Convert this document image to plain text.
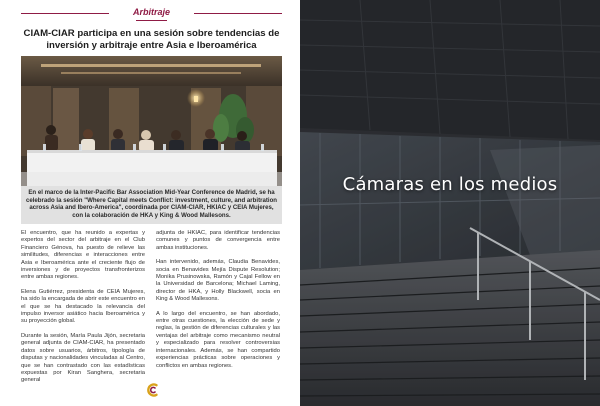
Arbitraje
CIAM-CIAR participa en una sesión sobre tendencias de inversión y arbitraje entre Asia e Iberoamérica
En el marco de la Inter-Pacific Bar Association Mid-Year Conference de Madrid, se ha celebrado la sesión "Where Capital meets Conflict: investment, culture, and arbitration across Asia and Ibero-America", coordinada por CIAM-CIAR, HKIAC y CEIA Mujeres, con la colaboración de HKA y King & Wood Mallesons.

El encuentro, que ha reunido a expertas y expertos del sector del arbitraje en el Club Financiero Génova, ha puesto de relieve las similitudes, diferencias e interacciones entre Asia e Iberoamérica ante el creciente flujo de inversiones y de proyectos transfronterizos entre ambas regiones.

Elena Gutiérrez, presidenta de CEIA Mujeres, ha sido la encargada de abrir este encuentro en el que se ha destacado la relevancia del impulso inversor asiático hacia Iberoamérica y su proyección global.

Durante la sesión, María Paula Jijón, secretaria general adjunta de CIAM-CIAR, ha presentado datos sobre usuarios, árbitros, tipología de disputas y nacionalidades vinculadas al Centro, que se han contrastado con las estadísticas expuestas por Kiran Sanghera, secretaria general

adjunta de HKIAC, para identificar tendencias comunes y puntos de convergencia entre ambas instituciones.

Han intervenido, además, Claudia Benavides, socia en Benavides Mejía Dispute Resolution; Monika Prusinowska, Ramón y Cajal Fellow en la Universidad de Barcelona; Michael Laming, director de HKA, y Holly Blackwell, socia en King & Wood Mallesons.

A lo largo del encuentro, se han abordado, entre otras cuestiones, la elección de sede y reglas, la gestión de diferencias culturales y las ventajas del arbitraje como mecanismo neutral y especializado para resolver controversias internacionales. Además, se han compartido experiencias prácticas sobre operaciones y conflictos en ambas regiones.

Cámaras en los medios
